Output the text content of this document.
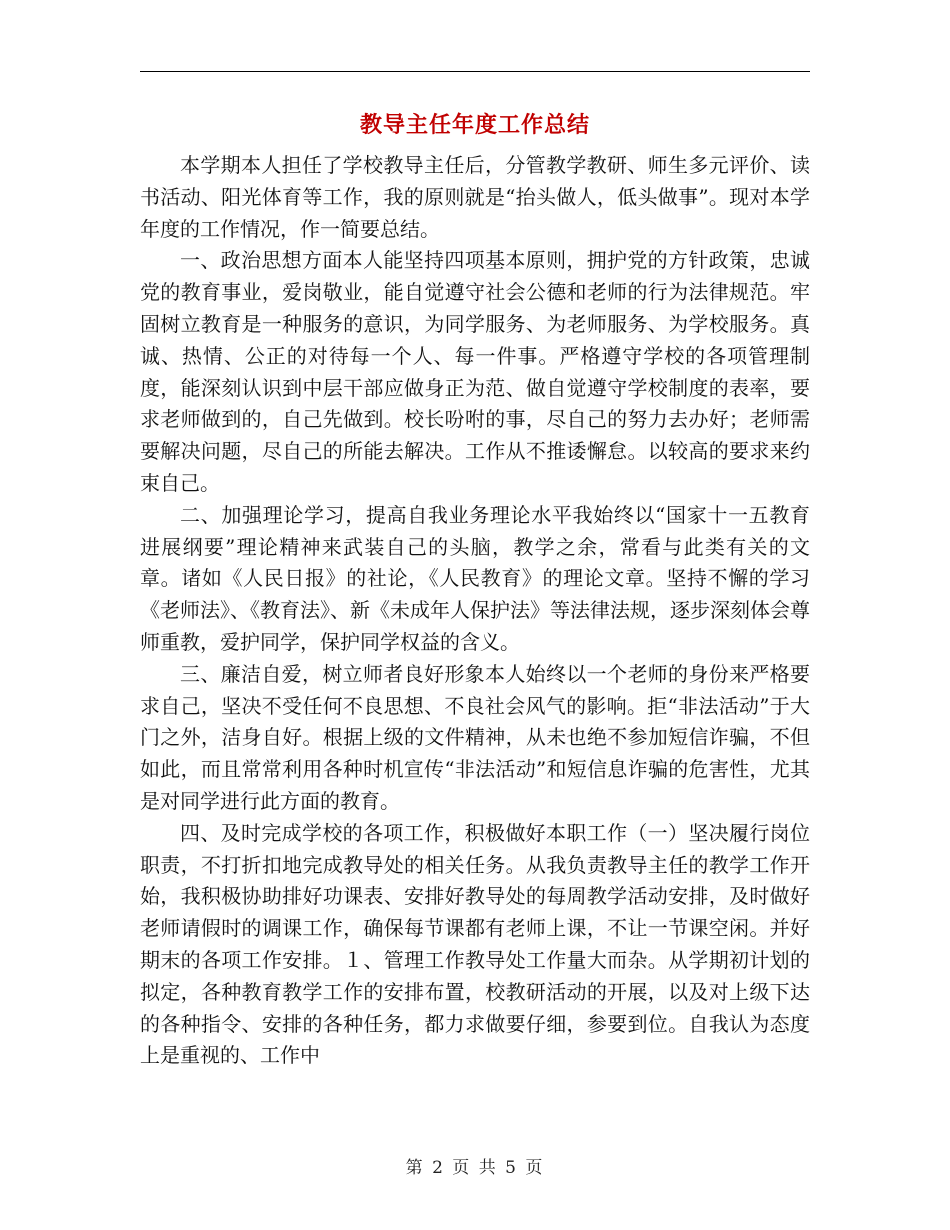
教导主任年度工作总结

本学期本人担任了学校教导主任后，分管教学教研、师生多元评价、读书活动、阳光体育等工作，我的原则就是“抬头做人，低头做事”。现对本学年度的工作情况，作一简要总结。

一、政治思想方面本人能坚持四项基本原则，拥护党的方针政策，忠诚党的教育事业，爱岗敬业，能自觉遵守社会公德和老师的行为法律规范。牢固树立教育是一种服务的意识，为同学服务、为老师服务、为学校服务。真诚、热情、公正的对待每一个人、每一件事。严格遵守学校的各项管理制度，能深刻认识到中层干部应做身正为范、做自觉遵守学校制度的表率，要求老师做到的，自己先做到。校长吩咐的事，尽自己的努力去办好；老师需要解决问题，尽自己的所能去解决。工作从不推诿懈怠。以较高的要求来约束自己。

二、加强理论学习，提高自我业务理论水平我始终以“国家十一五教育进展纲要”理论精神来武装自己的头脑，教学之余，常看与此类有关的文章。诸如《人民日报》的社论，《人民教育》的理论文章。坚持不懈的学习《老师法》、《教育法》、新《未成年人保护法》等法律法规，逐步深刻体会尊师重教，爱护同学，保护同学权益的含义。

三、廉洁自爱，树立师者良好形象本人始终以一个老师的身份来严格要求自己，坚决不受任何不良思想、不良社会风气的影响。拒“非法活动”于大门之外，洁身自好。根据上级的文件精神，从未也绝不参加短信诈骗，不但如此，而且常常利用各种时机宣传“非法活动”和短信息诈骗的危害性，尤其是对同学进行此方面的教育。

四、及时完成学校的各项工作，积极做好本职工作（一）坚决履行岗位职责，不打折扣地完成教导处的相关任务。从我负责教导主任的教学工作开始，我积极协助排好功课表、安排好教导处的每周教学活动安排，及时做好老师请假时的调课工作，确保每节课都有老师上课，不让一节课空闲。并好期末的各项工作安排。１、管理工作教导处工作量大而杂。从学期初计划的拟定，各种教育教学工作的安排布置，校教研活动的开展，以及对上级下达的各种指令、安排的各种任务，都力求做要仔细，参要到位。自我认为态度上是重视的、工作中

第 2 页 共 5 页
